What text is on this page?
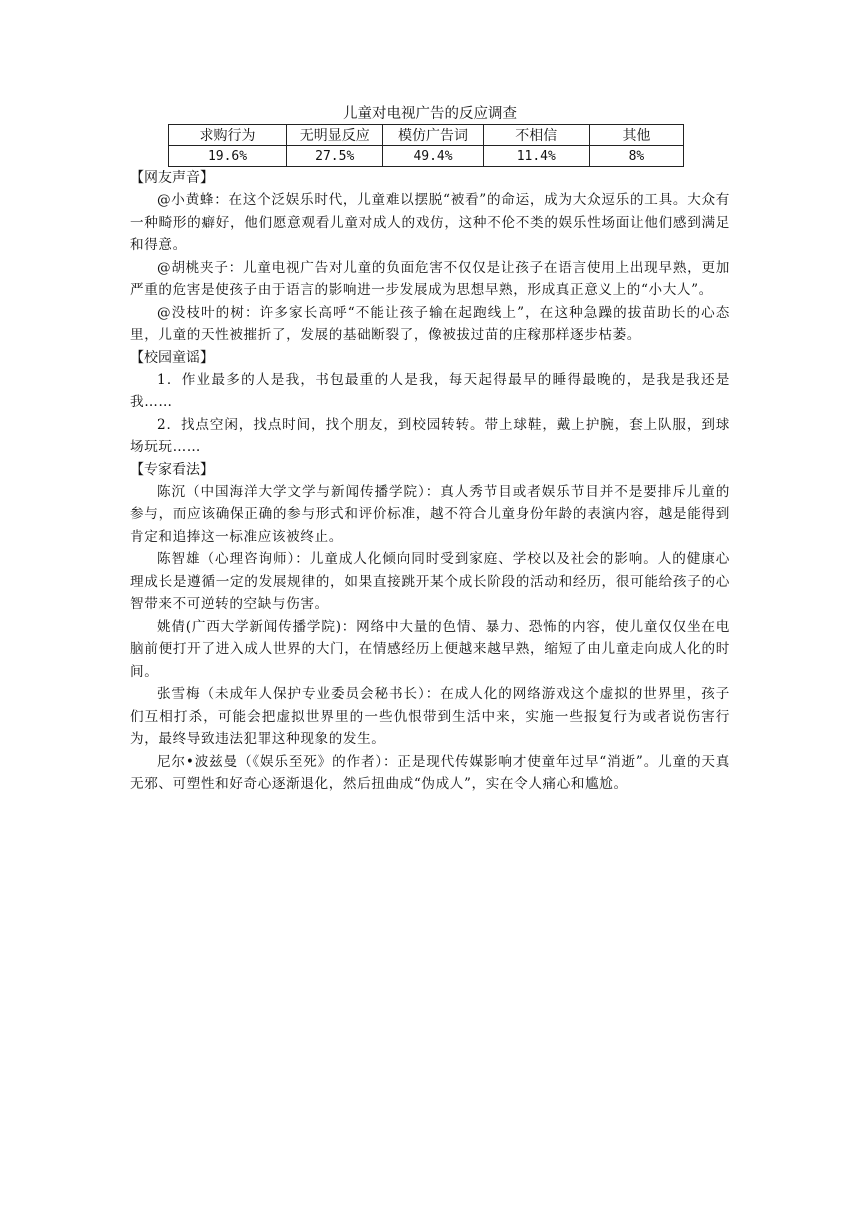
儿童对电视广告的反应调查
求购行为	无明显反应	模仿广告词	不相信	其他
19.6%	27.5%	49.4%	11.4%	8%
【网友声音】

@小黄蜂：在这个泛娱乐时代，儿童难以摆脱“被看”的命运，成为大众逗乐的工具。大众有一种畸形的癖好，他们愿意观看儿童对成人的戏仿，这种不伦不类的娱乐性场面让他们感到满足和得意。

@胡桃夹子：儿童电视广告对儿童的负面危害不仅仅是让孩子在语言使用上出现早熟，更加严重的危害是使孩子由于语言的影响进一步发展成为思想早熟，形成真正意义上的“小大人”。

@没枝叶的树：许多家长高呼“不能让孩子输在起跑线上”，在这种急躁的拔苗助长的心态里，儿童的天性被摧折了，发展的基础断裂了，像被拔过苗的庄稼那样逐步枯萎。

【校园童谣】

1．作业最多的人是我，书包最重的人是我，每天起得最早的睡得最晚的，是我是我还是我……

2．找点空闲，找点时间，找个朋友，到校园转转。带上球鞋，戴上护腕，套上队服，到球场玩玩……

【专家看法】

陈沉（中国海洋大学文学与新闻传播学院）：真人秀节目或者娱乐节目并不是要排斥儿童的参与，而应该确保正确的参与形式和评价标准，越不符合儿童身份年龄的表演内容，越是能得到肯定和追捧这一标准应该被终止。

陈智雄（心理咨询师）：儿童成人化倾向同时受到家庭、学校以及社会的影响。人的健康心理成长是遵循一定的发展规律的，如果直接跳开某个成长阶段的活动和经历，很可能给孩子的心智带来不可逆转的空缺与伤害。

姚倩(广西大学新闻传播学院)：网络中大量的色情、暴力、恐怖的内容，使儿童仅仅坐在电脑前便打开了进入成人世界的大门，在情感经历上便越来越早熟，缩短了由儿童走向成人化的时间。

张雪梅（未成年人保护专业委员会秘书长）：在成人化的网络游戏这个虚拟的世界里，孩子们互相打杀，可能会把虚拟世界里的一些仇恨带到生活中来，实施一些报复行为或者说伤害行为，最终导致违法犯罪这种现象的发生。

尼尔•波兹曼（《娱乐至死》的作者）：正是现代传媒影响才使童年过早“消逝”。儿童的天真无邪、可塑性和好奇心逐渐退化，然后扭曲成“伪成人”，实在令人痛心和尴尬。
